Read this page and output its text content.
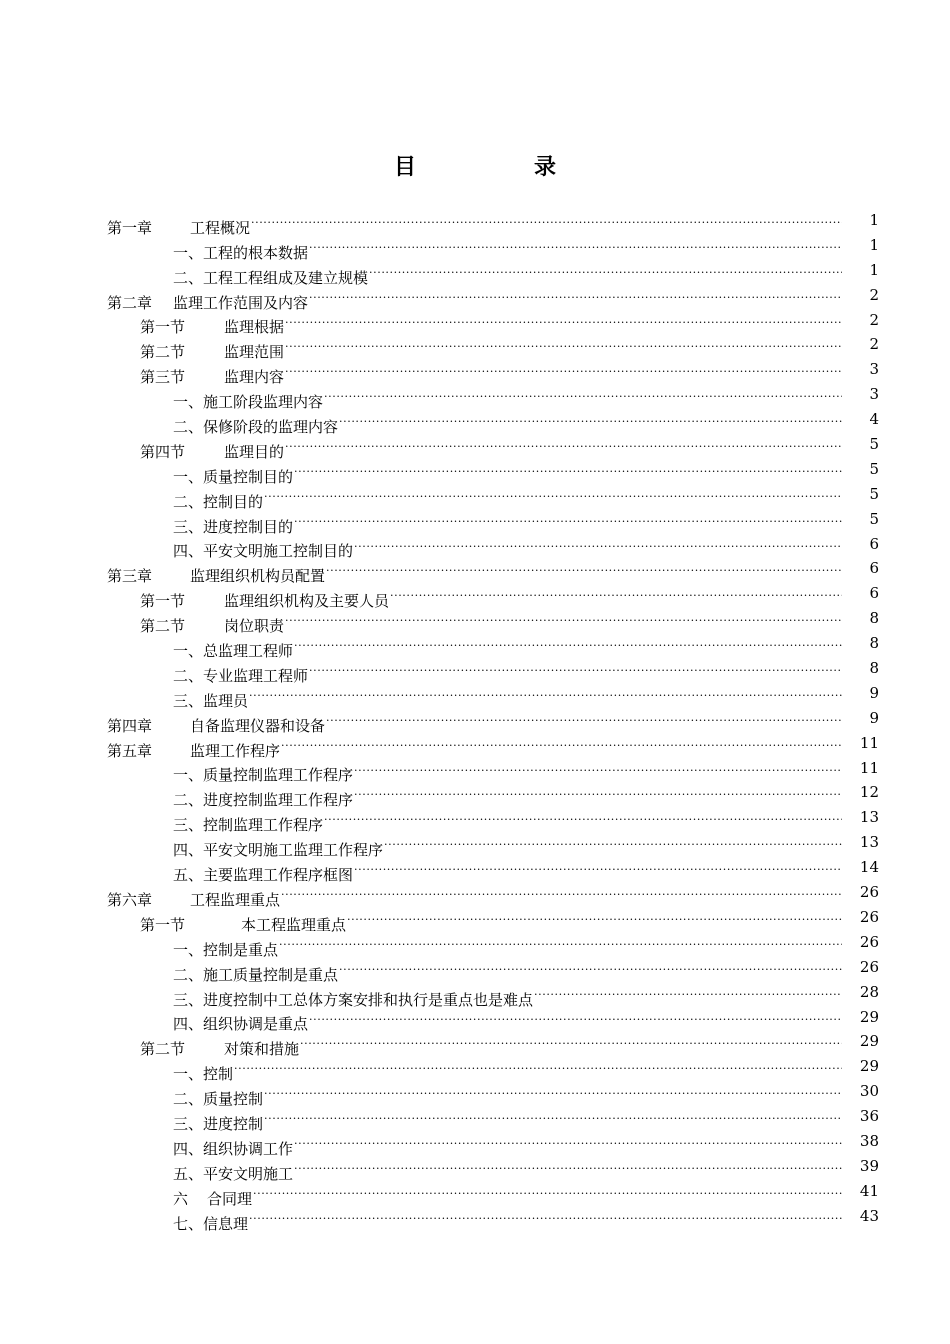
目	录
第一章	工程概况 .....	1
一、工程的根本数据 .....	1
二、工程工程组成及建立规模 .....	1
第二章 监理工作范围及内容 .....	2
第一节	监理根据 .....	2
第二节	监理范围 .....	2
第三节	监理内容 .....	3
一、施工阶段监理内容 .....	3
二、保修阶段的监理内容 .....	4
第四节	监理目的 .....	5
一、质量控制目的 .....	5
二、控制目的 .....	5
三、进度控制目的 .....	5
四、平安文明施工控制目的 .....	6
第三章	监理组织机构员配置 .....	6
第一节	监理组织机构及主要人员 .....	6
第二节	岗位职责 .....	8
一、总监理工程师 .....	8
二、专业监理工程师 .....	8
三、监理员 .....	9
第四章	自备监理仪器和设备 .....	9
第五章	监理工作程序 .....	11
一、质量控制监理工作程序 .....	11
二、进度控制监理工作程序 .....	12
三、控制监理工作程序 .....	13
四、平安文明施工监理工作程序 .....	13
五、主要监理工作程序框图 .....	14
第六章	工程监理重点 .....	26
第一节	本工程监理重点 .....	26
一、控制是重点 .....	26
二、施工质量控制是重点 .....	26
三、进度控制中工总体方案安排和执行是重点也是难点 .....	28
四、组织协调是重点 .....	29
第二节	对策和措施 .....	29
一、控制 .....	29
二、质量控制 .....	30
三、进度控制 .....	36
四、组织协调工作 .....	38
五、平安文明施工 .....	39
六 合同理 .....	41
七、信息理 .....	43
